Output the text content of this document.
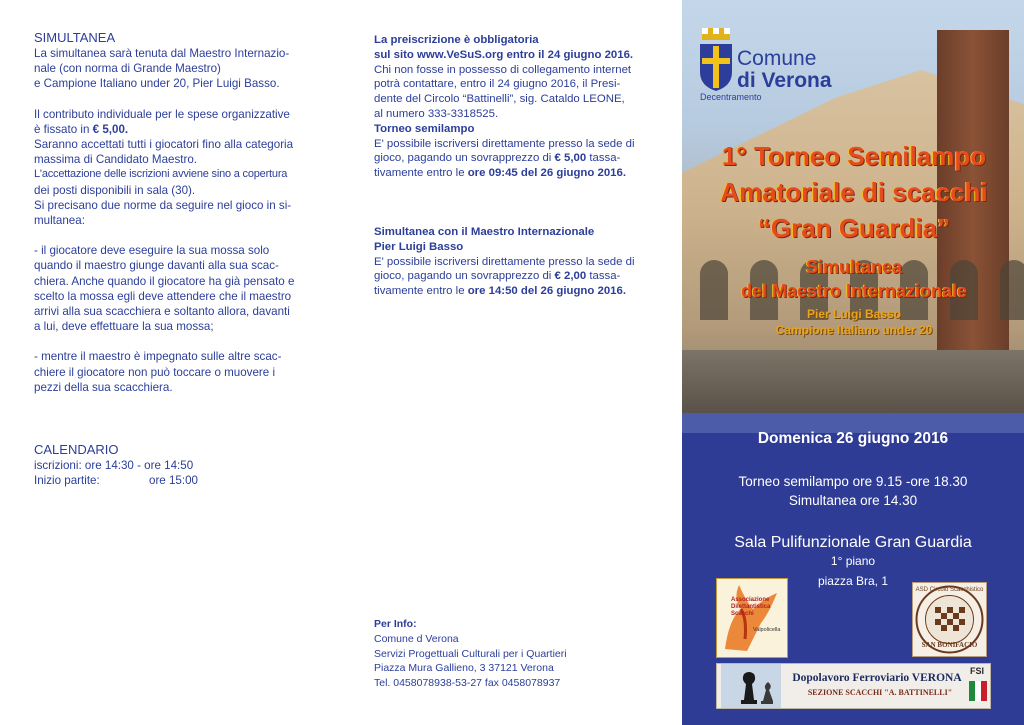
SIMULTANEA

La simultanea sarà tenuta dal Maestro Internazio-

nale (con norma di Grande Maestro)

e Campione Italiano under 20, Pier Luigi Basso.

Il contributo individuale per le spese organizzative

è fissato in € 5,00.

Saranno accettati tutti i giocatori fino alla categoria

massima di Candidato Maestro.

L'accettazione delle iscrizioni avviene sino a copertura

dei posti disponibili in sala (30).

Si precisano due norme da seguire nel gioco in si-

multanea:

- il giocatore deve eseguire la sua mossa solo

quando il maestro giunge davanti alla sua scac-

chiera. Anche quando il giocatore ha già pensato e

scelto la mossa egli deve attendere che il maestro

arrivi alla sua scacchiera e soltanto allora, davanti

a lui, deve effettuare la sua mossa;

- mentre il maestro è impegnato sulle altre scac-

chiere il giocatore non può toccare o muovere i

pezzi della sua scacchiera.

CALENDARIO

iscrizioni: ore 14:30 - ore 14:50

Inizio partite:	ore 15:00

La preiscrizione è obbligatoria

sul sito www.VeSuS.org entro il 24 giugno 2016.

Chi non fosse in possesso di collegamento internet

potrà contattare, entro il 24 giugno 2016, il Presi-

dente del Circolo “Battinelli”, sig. Cataldo LEONE,

al numero 333-3318525.

Torneo semilampo

E' possibile iscriversi direttamente presso la sede di

gioco, pagando un sovrapprezzo di € 5,00 tassa-

tivamente entro le ore 09:45 del 26 giugno 2016.

Simultanea con il Maestro Internazionale

Pier Luigi Basso

E' possibile iscriversi direttamente presso la sede di

gioco, pagando un sovrapprezzo di € 2,00 tassa-

tivamente entro le ore 14:50 del 26 giugno 2016.

Per Info:

Comune d Verona

Servizi Progettuali Culturali per i Quartieri

Piazza Mura Gallieno, 3 37121 Verona

Tel. 0458078938-53-27 fax 0458078937

Comune
di Verona
Decentramento
1° Torneo Semilampo
Amatoriale di scacchi
“Gran Guardia”
Simultanea
del Maestro Internazionale
Pier Luigi Basso
Campione Italiano under 20
Domenica 26 giugno 2016
Torneo semilampo ore 9.15 -ore 18.30
Simultanea ore 14.30
Sala Pulifunzionale Gran Guardia
1° piano
piazza Bra, 1
Associazione
Dilettantistica
Scacchi
Valpolicella
ASD Circolo Scacchistico
SAN BONIFACIO
Dopolavoro Ferroviario VERONA
SEZIONE SCACCHI "A. BATTINELLI"
FSI
